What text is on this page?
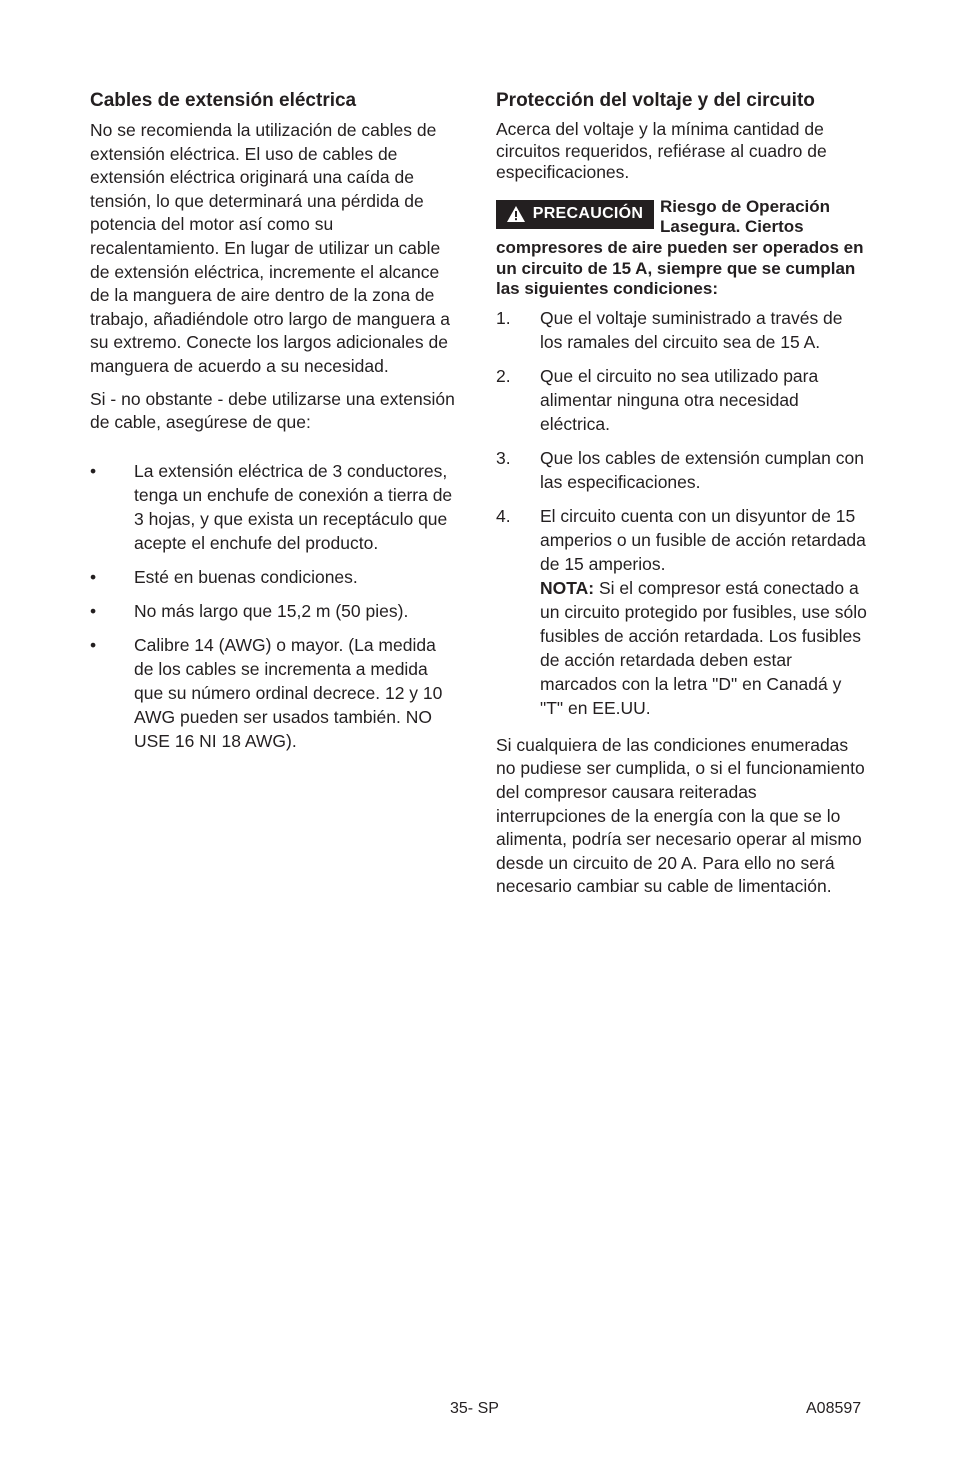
Cables de extensión eléctrica

No se recomienda la utilización de cables de extensión eléctrica. El uso de cables de extensión eléctrica originará una caída de tensión, lo que determinará una pérdida de potencia del motor así como su recalentamiento. En lugar de utilizar un cable de extensión eléctrica, incremente el alcance de la manguera de aire dentro de la zona de trabajo, añadiéndole otro largo de manguera a su extremo. Conecte los largos adicionales de manguera de acuerdo a su necesidad.

Si - no obstante - debe utilizarse una extensión de cable, asegúrese de que:

•	La extensión eléctrica de 3 conductores, tenga un enchufe de conexión a tierra de 3 hojas, y que exista un receptáculo que acepte el enchufe del producto.
•	Esté en buenas condiciones.
•	No más largo que 15,2 m (50 pies).
•	Calibre 14 (AWG) o mayor. (La medida de los cables se incrementa a medida que su número ordinal decrece. 12 y 10 AWG pueden ser usados también. NO USE 16 NI 18 AWG).
Protección del voltaje y del circuito

Acerca del voltaje y la mínima cantidad de circuitos requeridos, refiérase al cuadro de especificaciones.

PRECAUCIÓN Riesgo de Operación Lasegura. Ciertos compresores de aire pueden ser operados en un circuito de 15 A, siempre que se cumplan las siguientes condiciones:
1. Que el voltaje suministrado a través de los ramales del circuito sea de 15 A.
2. Que el circuito no sea utilizado para alimentar ninguna otra necesidad eléctrica.
3. Que los cables de extensión cumplan con las especificaciones.
4. El circuito cuenta con un disyuntor de 15 amperios o un fusible de acción retardada de 15 amperios.
NOTA: Si el compresor está conectado a un circuito protegido por fusibles, use sólo fusibles de acción retardada. Los fusibles de acción retardada deben estar marcados con la letra "D" en Canadá y "T" en EE.UU.

Si cualquiera de las condiciones enumeradas no pudiese ser cumplida, o si el funcionamiento del compresor causara reiteradas interrupciones de la energía con la que se lo alimenta, podría ser necesario operar al mismo desde un circuito de 20 A. Para ello no será necesario cambiar su cable de limentación.

35- SP	A08597
